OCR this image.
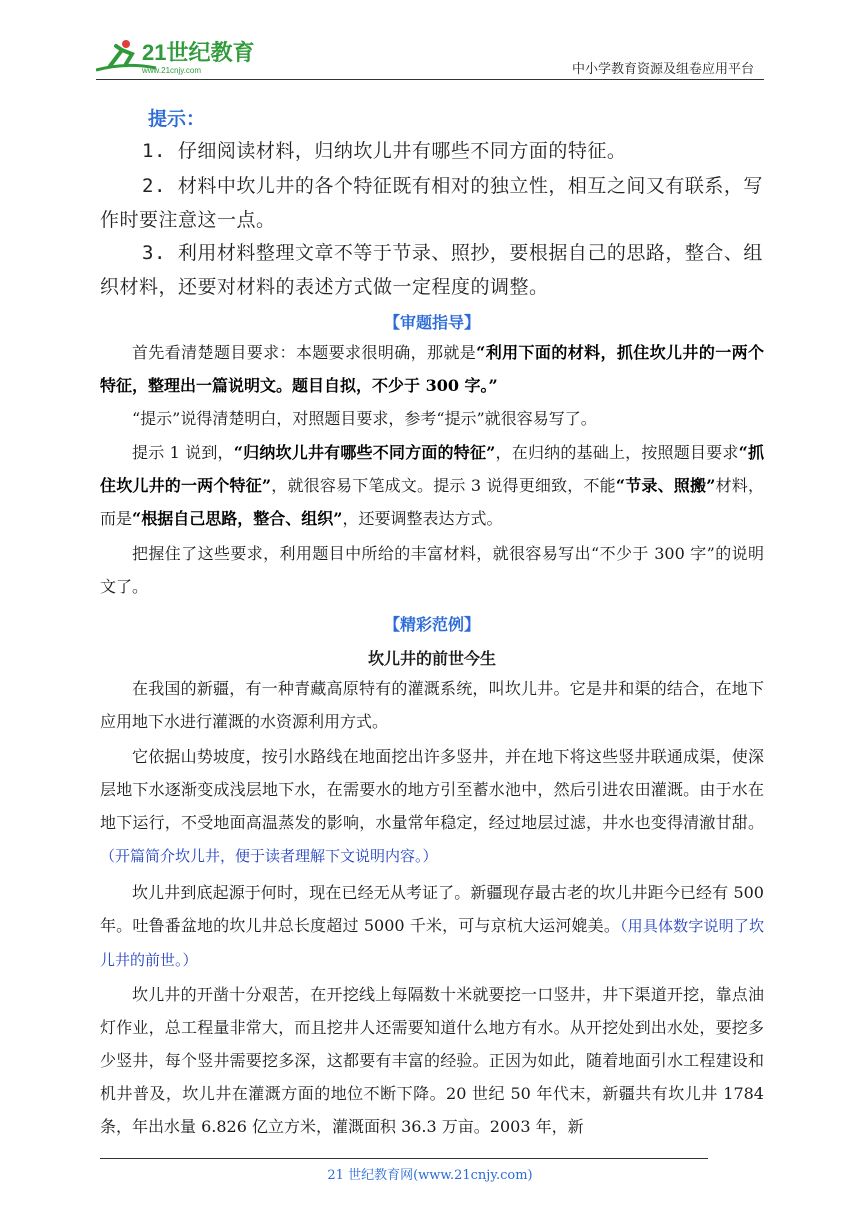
21世纪教育
www.21cnjy.com	中小学教育资源及组卷应用平台
提示：
1. 仔细阅读材料，归纳坎儿井有哪些不同方面的特征。
2. 材料中坎儿井的各个特征既有相对的独立性，相互之间又有联系，写作时要注意这一点。
3. 利用材料整理文章不等于节录、照抄，要根据自己的思路，整合、组织材料，还要对材料的表述方式做一定程度的调整。
【审题指导】
首先看清楚题目要求：本题要求很明确，那就是“利用下面的材料，抓住坎儿井的一两个特征，整理出一篇说明文。题目自拟，不少于 300 字。”
“提示”说得清楚明白，对照题目要求，参考“提示”就很容易写了。
提示 1 说到，“归纳坎儿井有哪些不同方面的特征”，在归纳的基础上，按照题目要求“抓住坎儿井的一两个特征”，就很容易下笔成文。提示 3 说得更细致，不能“节录、照搬”材料，而是“根据自己思路，整合、组织”，还要调整表达方式。
把握住了这些要求，利用题目中所给的丰富材料，就很容易写出“不少于 300 字”的说明文了。
【精彩范例】
坎儿井的前世今生
在我国的新疆，有一种青藏高原特有的灌溉系统，叫坎儿井。它是井和渠的结合，在地下应用地下水进行灌溉的水资源利用方式。
它依据山势坡度，按引水路线在地面挖出许多竖井，并在地下将这些竖井联通成渠，使深层地下水逐渐变成浅层地下水，在需要水的地方引至蓄水池中，然后引进农田灌溉。由于水在地下运行，不受地面高温蒸发的影响，水量常年稳定，经过地层过滤，井水也变得清澈甘甜。（开篇简介坎儿井，便于读者理解下文说明内容。）
坎儿井到底起源于何时，现在已经无从考证了。新疆现存最古老的坎儿井距今已经有 500 年。吐鲁番盆地的坎儿井总长度超过 5000 千米，可与京杭大运河媲美。（用具体数字说明了坎儿井的前世。）
坎儿井的开凿十分艰苦，在开挖线上每隔数十米就要挖一口竖井，井下渠道开挖，靠点油灯作业，总工程量非常大，而且挖井人还需要知道什么地方有水。从开挖处到出水处，要挖多少竖井，每个竖井需要挖多深，这都要有丰富的经验。正因为如此，随着地面引水工程建设和机井普及，坎儿井在灌溉方面的地位不断下降。20 世纪 50 年代末，新疆共有坎儿井 1784 条，年出水量 6.826 亿立方米，灌溉面积 36.3 万亩。2003 年，新
21 世纪教育网(www.21cnjy.com)
